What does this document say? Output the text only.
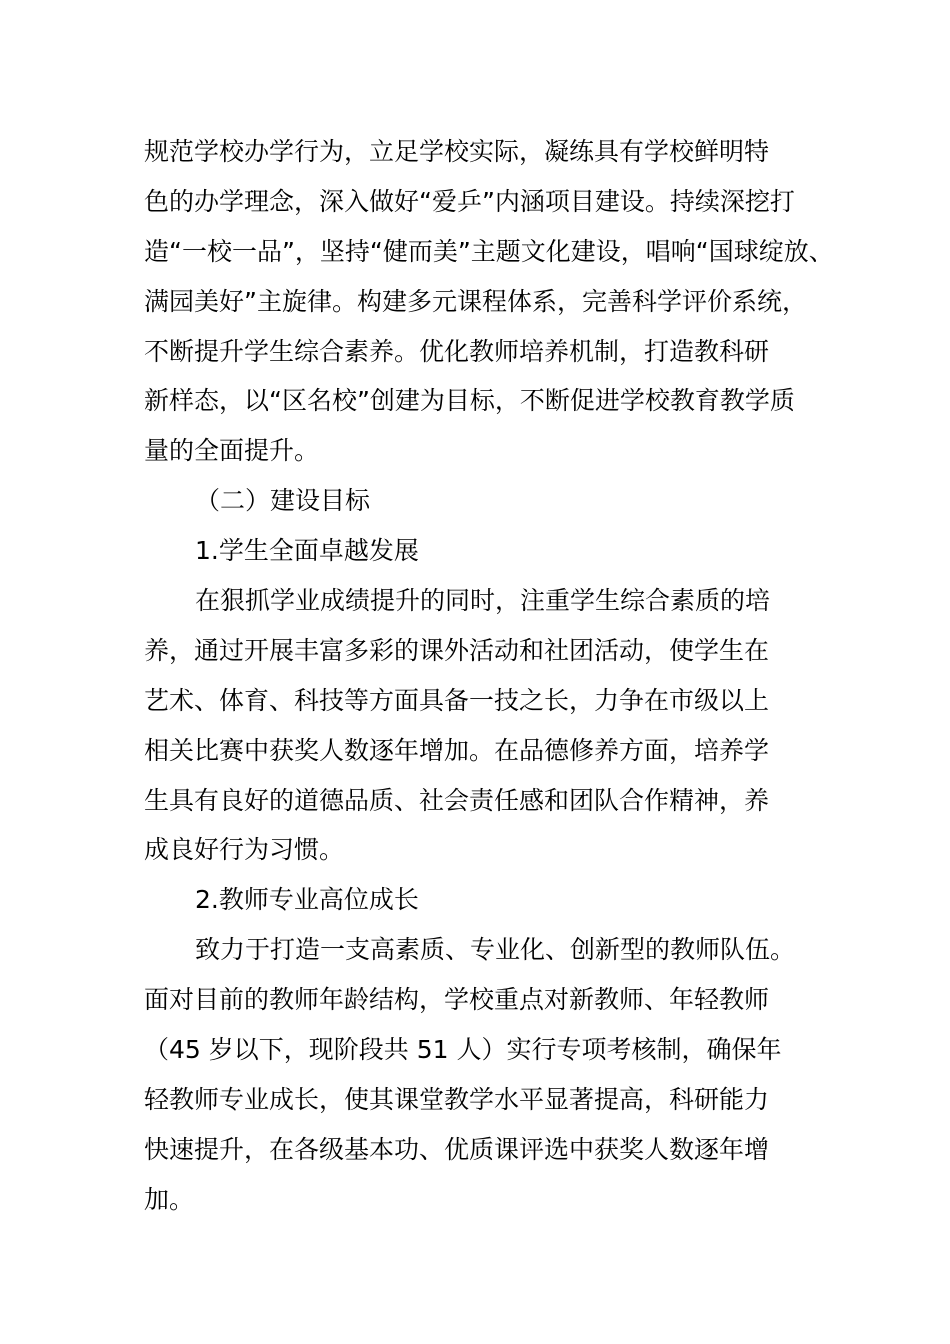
规范学校办学行为，立足学校实际，凝练具有学校鲜明特
色的办学理念，深入做好“爱乒”内涵项目建设。持续深挖打
造“一校一品”，坚持“健而美”主题文化建设，唱响“国球绽放、
满园美好”主旋律。构建多元课程体系，完善科学评价系统，
不断提升学生综合素养。优化教师培养机制，打造教科研
新样态，以“区名校”创建为目标，不断促进学校教育教学质
量的全面提升。
（二）建设目标
1.学生全面卓越发展
在狠抓学业成绩提升的同时，注重学生综合素质的培
养，通过开展丰富多彩的课外活动和社团活动，使学生在
艺术、体育、科技等方面具备一技之长，力争在市级以上
相关比赛中获奖人数逐年增加。在品德修养方面，培养学
生具有良好的道德品质、社会责任感和团队合作精神，养
成良好行为习惯。
2.教师专业高位成长
致力于打造一支高素质、专业化、创新型的教师队伍。
面对目前的教师年龄结构，学校重点对新教师、年轻教师
（45 岁以下，现阶段共 51 人）实行专项考核制，确保年
轻教师专业成长，使其课堂教学水平显著提高，科研能力
快速提升，在各级基本功、优质课评选中获奖人数逐年增
加。
